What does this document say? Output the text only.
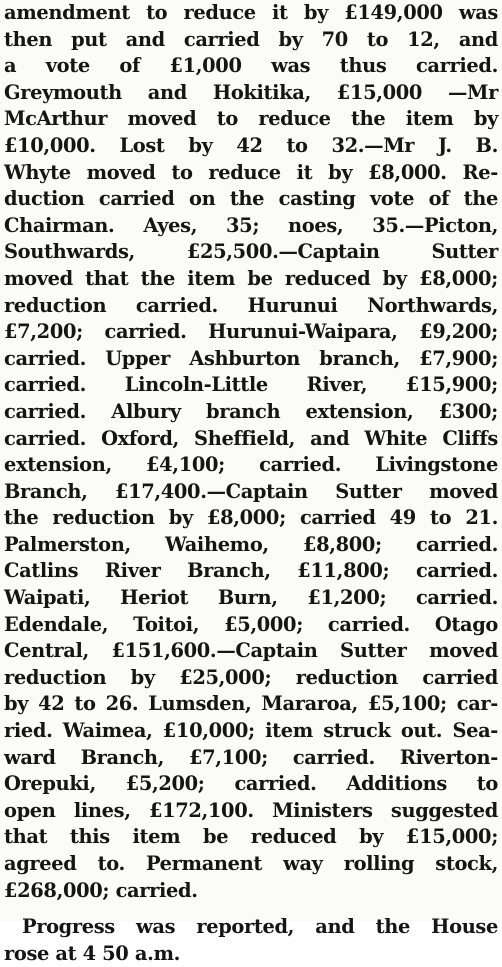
amendment to reduce it by £149,000 was
then put and carried by 70 to 12, and
a vote of £1,000 was thus carried.
Greymouth and Hokitika, £15,000 —Mr
McArthur moved to reduce the item by
£10,000. Lost by 42 to 32.—Mr J. B.
Whyte moved to reduce it by £8,000. Re-
duction carried on the casting vote of the
Chairman. Ayes, 35; noes, 35.—Picton,
Southwards, £25,500.—Captain Sutter
moved that the item be reduced by £8,000;
reduction carried. Hurunui Northwards,
£7,200; carried. Hurunui-Waipara, £9,200;
carried. Upper Ashburton branch, £7,900;
carried. Lincoln-Little River, £15,900;
carried. Albury branch extension, £300;
carried. Oxford, Sheffield, and White Cliffs
extension, £4,100; carried. Livingstone
Branch, £17,400.—Captain Sutter moved
the reduction by £8,000; carried 49 to 21.
Palmerston, Waihemo, £8,800; carried.
Catlins River Branch, £11,800; carried.
Waipati, Heriot Burn, £1,200; carried.
Edendale, Toitoi, £5,000; carried. Otago
Central, £151,600.—Captain Sutter moved
reduction by £25,000; reduction carried
by 42 to 26. Lumsden, Mararoa, £5,100; car-
ried. Waimea, £10,000; item struck out. Sea-
ward Branch, £7,100; carried. Riverton-
Orepuki, £5,200; carried. Additions to
open lines, £172,100. Ministers suggested
that this item be reduced by £15,000;
agreed to. Permanent way rolling stock,
£268,000; carried.
Progress was reported, and the House
rose at 4 50 a.m.
